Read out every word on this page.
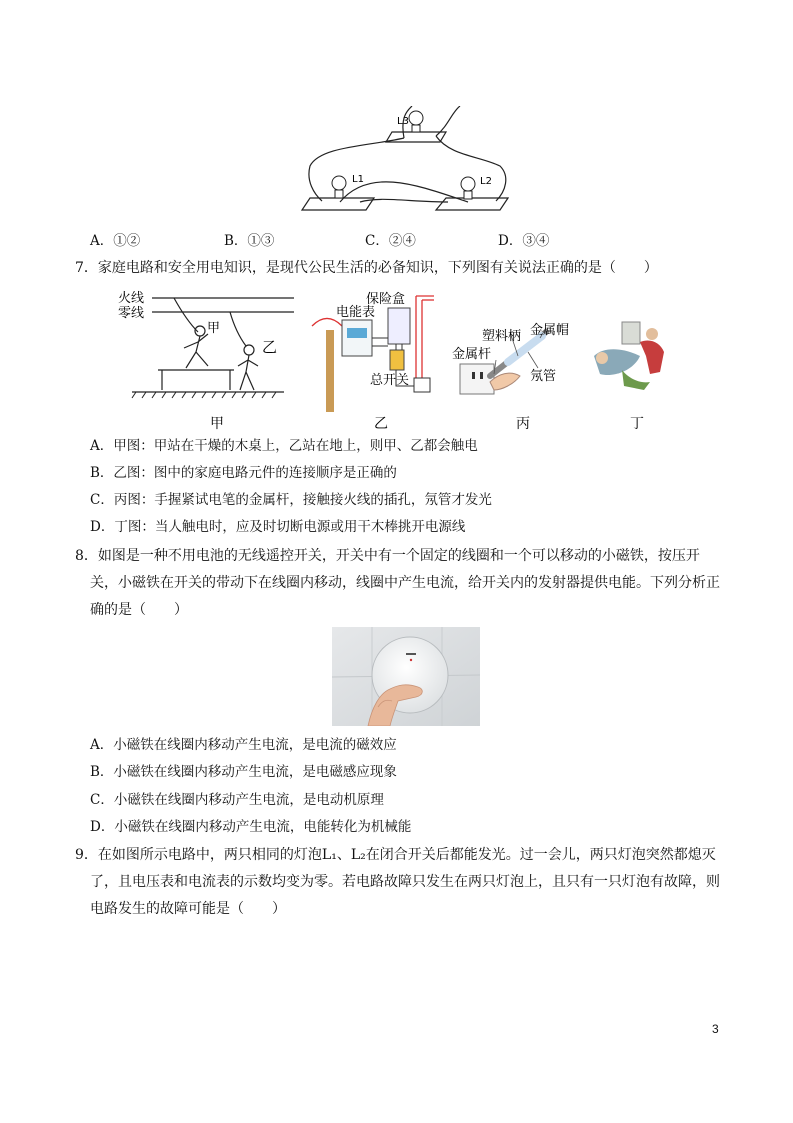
L3
L1	L2
A．①②	B．①③	C．②④	D．③④
7．家庭电路和安全用电知识，是现代公民生活的必备知识，下列图有关说法正确的是（　　）
火线
零线
甲
乙
甲
保险盒
电能表
总开关
乙
塑料柄 金属帽
金属杆
氖管
丙	丁
A．甲图：甲站在干燥的木桌上，乙站在地上，则甲、乙都会触电
B．乙图：图中的家庭电路元件的连接顺序是正确的
C．丙图：手握紧试电笔的金属杆，接触接火线的插孔，氖管才发光
D．丁图：当人触电时，应及时切断电源或用干木棒挑开电源线
8．如图是一种不用电池的无线遥控开关，开关中有一个固定的线圈和一个可以移动的小磁铁，按压开
关，小磁铁在开关的带动下在线圈内移动，线圈中产生电流，给开关内的发射器提供电能。下列分析正
确的是（　　）
A．小磁铁在线圈内移动产生电流，是电流的磁效应
B．小磁铁在线圈内移动产生电流，是电磁感应现象
C．小磁铁在线圈内移动产生电流，是电动机原理
D．小磁铁在线圈内移动产生电流，电能转化为机械能
9．在如图所示电路中，两只相同的灯泡L₁、L₂在闭合开关后都能发光。过一会儿，两只灯泡突然都熄灭
了，且电压表和电流表的示数均变为零。若电路故障只发生在两只灯泡上，且只有一只灯泡有故障，则
电路发生的故障可能是（　　）
3
